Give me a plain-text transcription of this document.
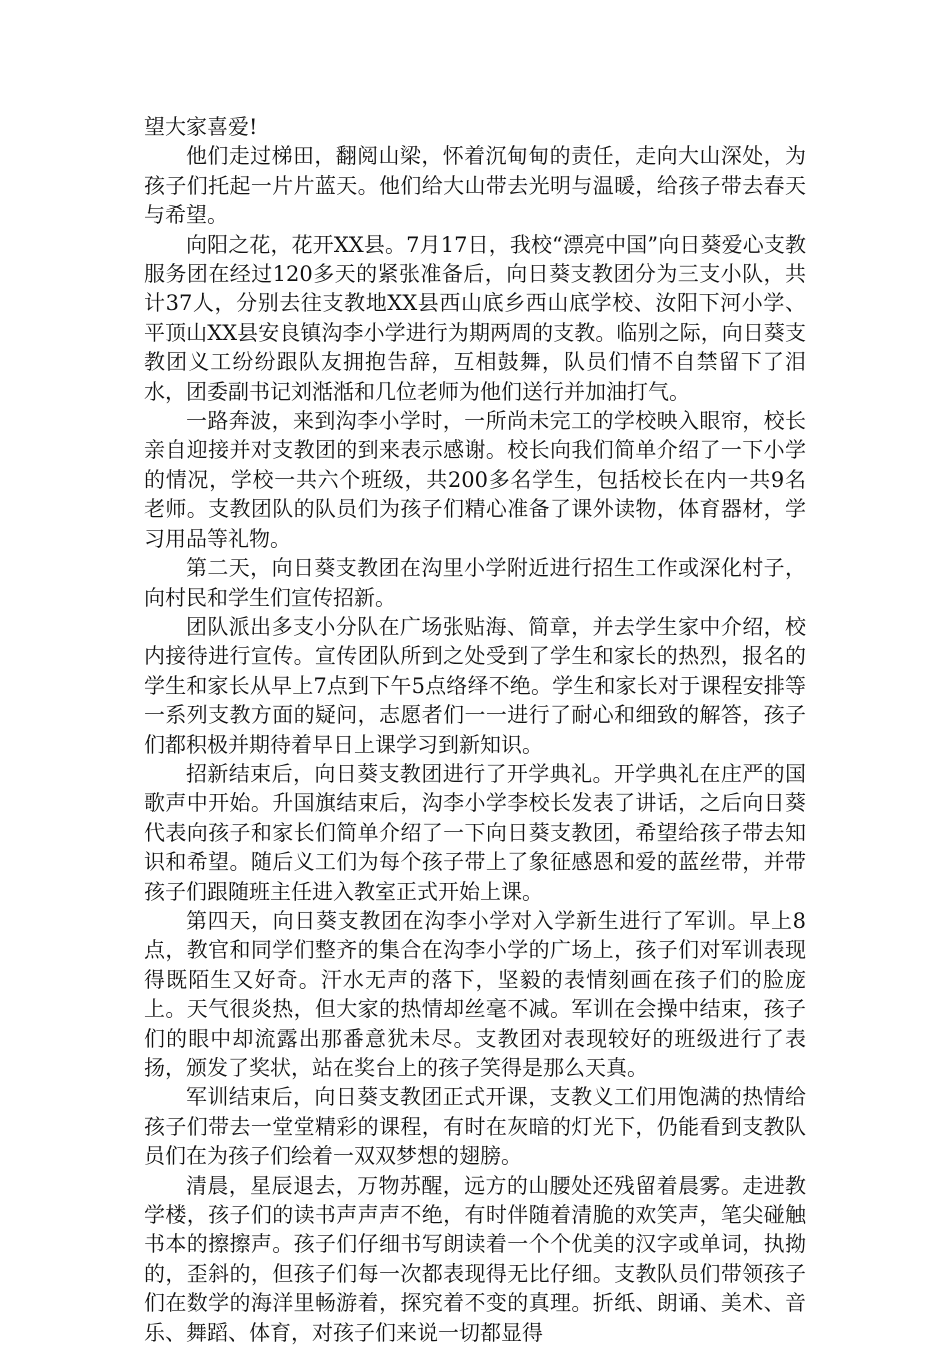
望大家喜爱!

他们走过梯田，翻阅山梁，怀着沉甸甸的责任，走向大山深处，为孩子们托起一片片蓝天。他们给大山带去光明与温暖，给孩子带去春天与希望。

向阳之花，花开XX县。7月17日，我校“漂亮中国”向日葵爱心支教服务团在经过120多天的紧张准备后，向日葵支教团分为三支小队，共计37人，分别去往支教地XX县西山底乡西山底学校、汝阳下河小学、平顶山XX县安良镇沟李小学进行为期两周的支教。临别之际，向日葵支教团义工纷纷跟队友拥抱告辞，互相鼓舞，队员们情不自禁留下了泪水，团委副书记刘湉湉和几位老师为他们送行并加油打气。

一路奔波，来到沟李小学时，一所尚未完工的学校映入眼帘，校长亲自迎接并对支教团的到来表示感谢。校长向我们简单介绍了一下小学的情况，学校一共六个班级，共200多名学生，包括校长在内一共9名老师。支教团队的队员们为孩子们精心准备了课外读物，体育器材，学习用品等礼物。

第二天，向日葵支教团在沟里小学附近进行招生工作或深化村子，向村民和学生们宣传招新。

团队派出多支小分队在广场张贴海、简章，并去学生家中介绍，校内接待进行宣传。宣传团队所到之处受到了学生和家长的热烈，报名的学生和家长从早上7点到下午5点络绎不绝。学生和家长对于课程安排等一系列支教方面的疑问，志愿者们一一进行了耐心和细致的解答，孩子们都积极并期待着早日上课学习到新知识。

招新结束后，向日葵支教团进行了开学典礼。开学典礼在庄严的国歌声中开始。升国旗结束后，沟李小学李校长发表了讲话，之后向日葵代表向孩子和家长们简单介绍了一下向日葵支教团，希望给孩子带去知识和希望。随后义工们为每个孩子带上了象征感恩和爱的蓝丝带，并带孩子们跟随班主任进入教室正式开始上课。

第四天，向日葵支教团在沟李小学对入学新生进行了军训。早上8点，教官和同学们整齐的集合在沟李小学的广场上，孩子们对军训表现得既陌生又好奇。汗水无声的落下，坚毅的表情刻画在孩子们的脸庞上。天气很炎热，但大家的热情却丝毫不减。军训在会操中结束，孩子们的眼中却流露出那番意犹未尽。支教团对表现较好的班级进行了表扬，颁发了奖状，站在奖台上的孩子笑得是那么天真。

军训结束后，向日葵支教团正式开课，支教义工们用饱满的热情给孩子们带去一堂堂精彩的课程，有时在灰暗的灯光下，仍能看到支教队员们在为孩子们绘着一双双梦想的翅膀。

清晨，星辰退去，万物苏醒，远方的山腰处还残留着晨雾。走进教学楼，孩子们的读书声声声不绝，有时伴随着清脆的欢笑声，笔尖碰触书本的擦擦声。孩子们仔细书写朗读着一个个优美的汉字或单词，执拗的，歪斜的，但孩子们每一次都表现得无比仔细。支教队员们带领孩子们在数学的海洋里畅游着，探究着不变的真理。折纸、朗诵、美术、音乐、舞蹈、体育，对孩子们来说一切都显得
